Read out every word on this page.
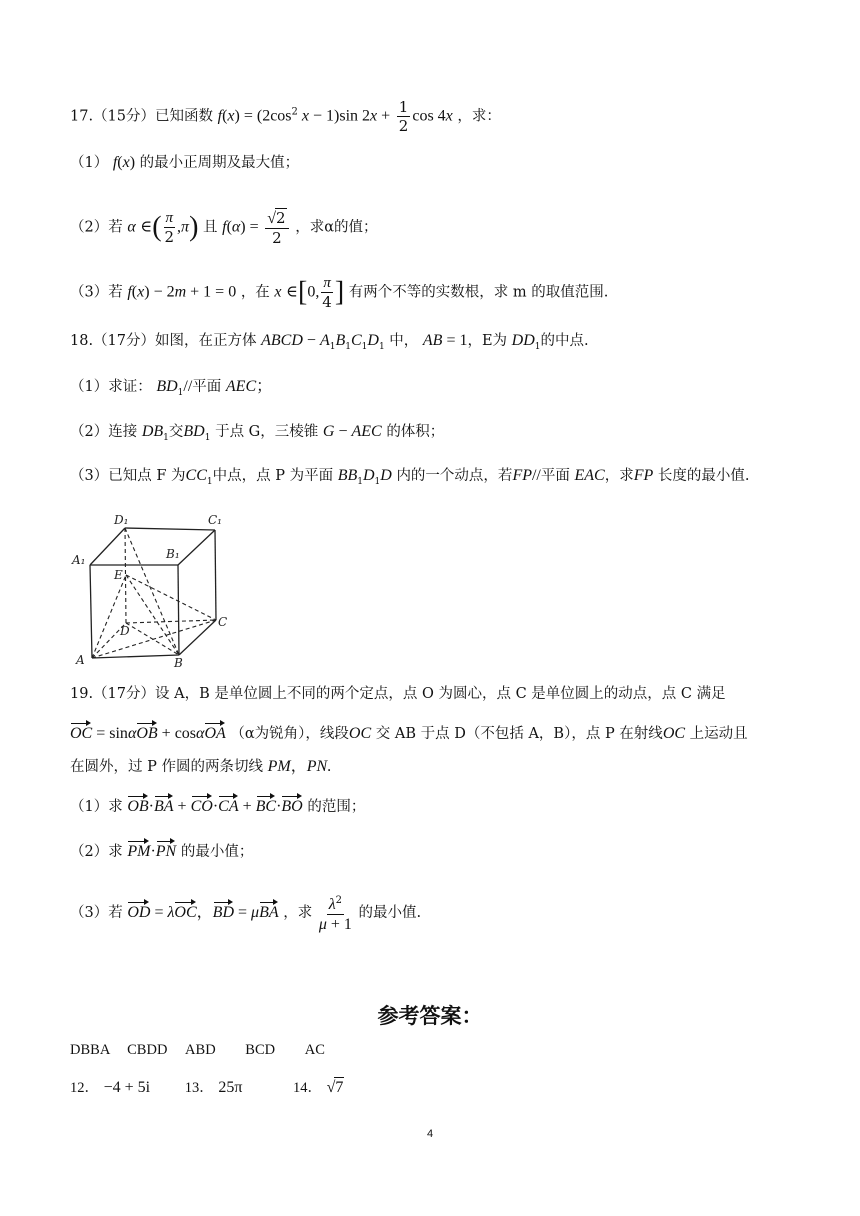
17.（15分）已知函数 $f(x) = (2\cos^2$ x − 1)sin $2x + \frac{1}{2}$ cos 4x ，求：
（1） f(x) 的最小正周期及最大值；
（2）若 α ∈( $\frac{\pi}{2} ,\pi$) 且 $f(\alpha) = \frac{√2}{2}$ ，求α的值；
（3）若 f(x) − 2m + 1 = 0 ，在 x ∈[0, $\frac{\pi}{4}$ ] 有两个不等的实数根，求 m 的取值范围.
18.（17分）如图，在正方体 ABCD − $A_1B_1C_1D_1$ 中， AB = 1，E为 $DD_1$的中点.
（1）求证： $BD_1//$平面 AEC；
（2）连接 $DB_1$交$BD_1$ 于点 G，三棱锥 G − AEC 的体积；
（3）已知点 F 为$CC_1$中点，点 P 为平面 $BB_1D_1D$ 内的一个动点，若FP//平面 EAC，求FP 长度的最小值.
D₁	C₁
A₁	B₁
E
D
C
A	B
19.（17分）设 A，B 是单位圆上不同的两个定点，点 O 为圆心，点 C 是单位圆上的动点，点 C 满足
OC = sinαOB + cosαOA （α为锐角），线段OC 交 AB 于点 D（不包括 A，B），点 P 在射线OC 上运动且
在圆外，过 P 作圆的两条切线 PM，PN.
（1）求 OB·BA + CO·CA + BC·BO 的范围；
（2）求 PM·PN 的最小值；
（3）若 OD = λOC，BD = μBA ，求 $\frac{\lambda^2}{\mu + 1}$ 的最小值.
参考答案：
DBBA CBDD ABD BCD AC
12． −4 + 5i 13． 25π	14． √7
4
